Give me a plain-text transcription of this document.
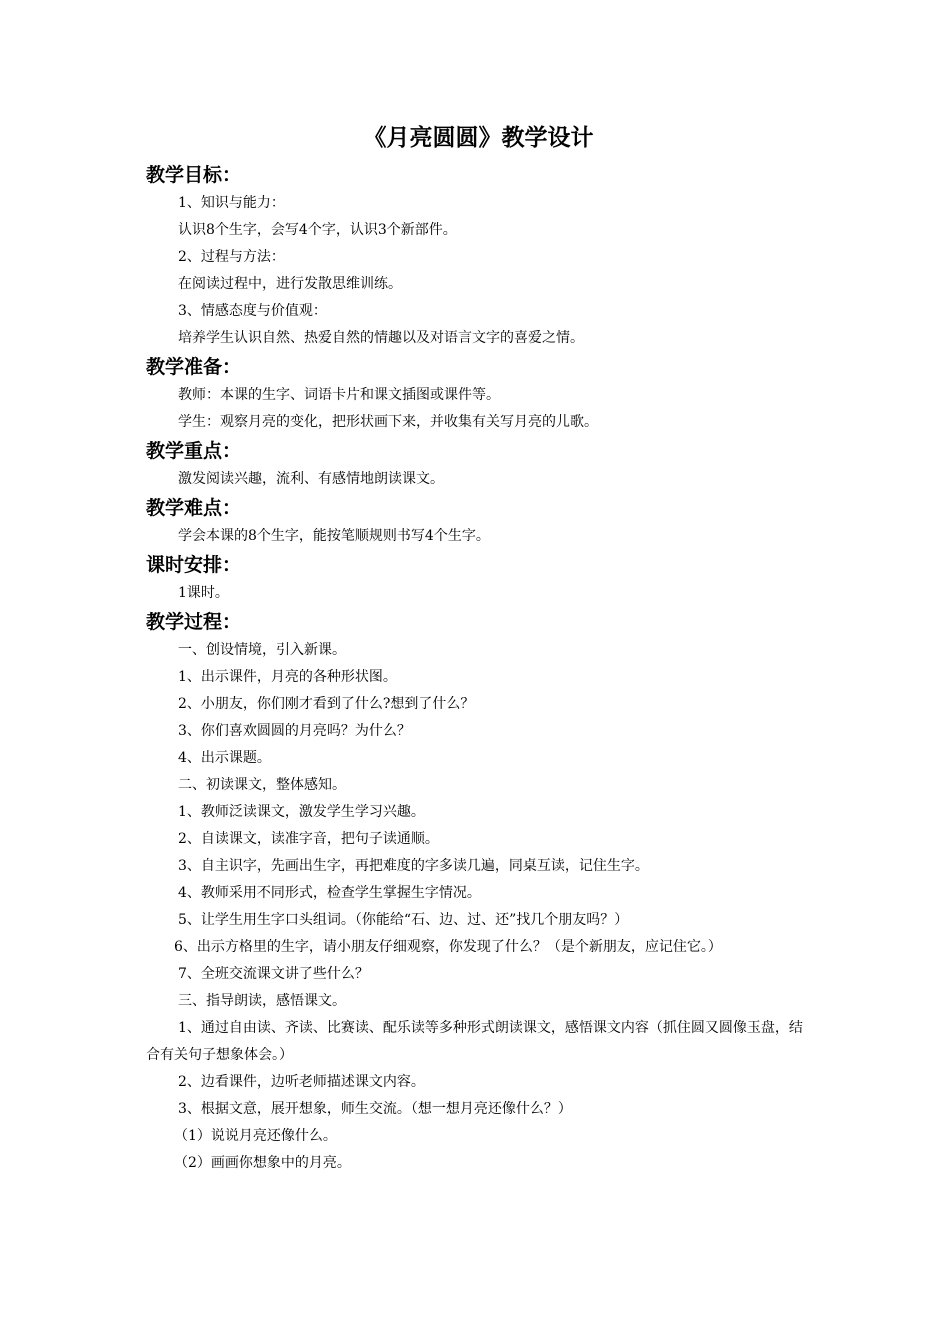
《月亮圆圆》教学设计
教学目标：
1、知识与能力：
认识8个生字，会写4个字，认识3个新部件。
2、过程与方法：
在阅读过程中，进行发散思维训练。
3、情感态度与价值观：
培养学生认识自然、热爱自然的情趣以及对语言文字的喜爱之情。
教学准备：
教师：本课的生字、词语卡片和课文插图或课件等。
学生：观察月亮的变化，把形状画下来，并收集有关写月亮的儿歌。
教学重点：
激发阅读兴趣，流利、有感情地朗读课文。
教学难点：
学会本课的8个生字，能按笔顺规则书写4个生字。
课时安排：
1课时。
教学过程：
一、创设情境，引入新课。
1、出示课件，月亮的各种形状图。
2、小朋友，你们刚才看到了什么?想到了什么？
3、你们喜欢圆圆的月亮吗？为什么？
4、出示课题。
二、初读课文，整体感知。
1、教师泛读课文，激发学生学习兴趣。
2、自读课文，读准字音，把句子读通顺。
3、自主识字，先画出生字，再把难度的字多读几遍，同桌互读，记住生字。
4、教师采用不同形式，检查学生掌握生字情况。
5、让学生用生字口头组词。（你能给“石、边、过、还”找几个朋友吗？）
6、出示方格里的生字，请小朋友仔细观察，你发现了什么？（是个新朋友，应记住它。）
7、全班交流课文讲了些什么？
三、指导朗读，感悟课文。
1、通过自由读、齐读、比赛读、配乐读等多种形式朗读课文，感悟课文内容（抓住圆又圆像玉盘，结合有关句子想象体会。）
2、边看课件，边听老师描述课文内容。
3、根据文意，展开想象，师生交流。（想一想月亮还像什么？）
（1）说说月亮还像什么。
（2）画画你想象中的月亮。
